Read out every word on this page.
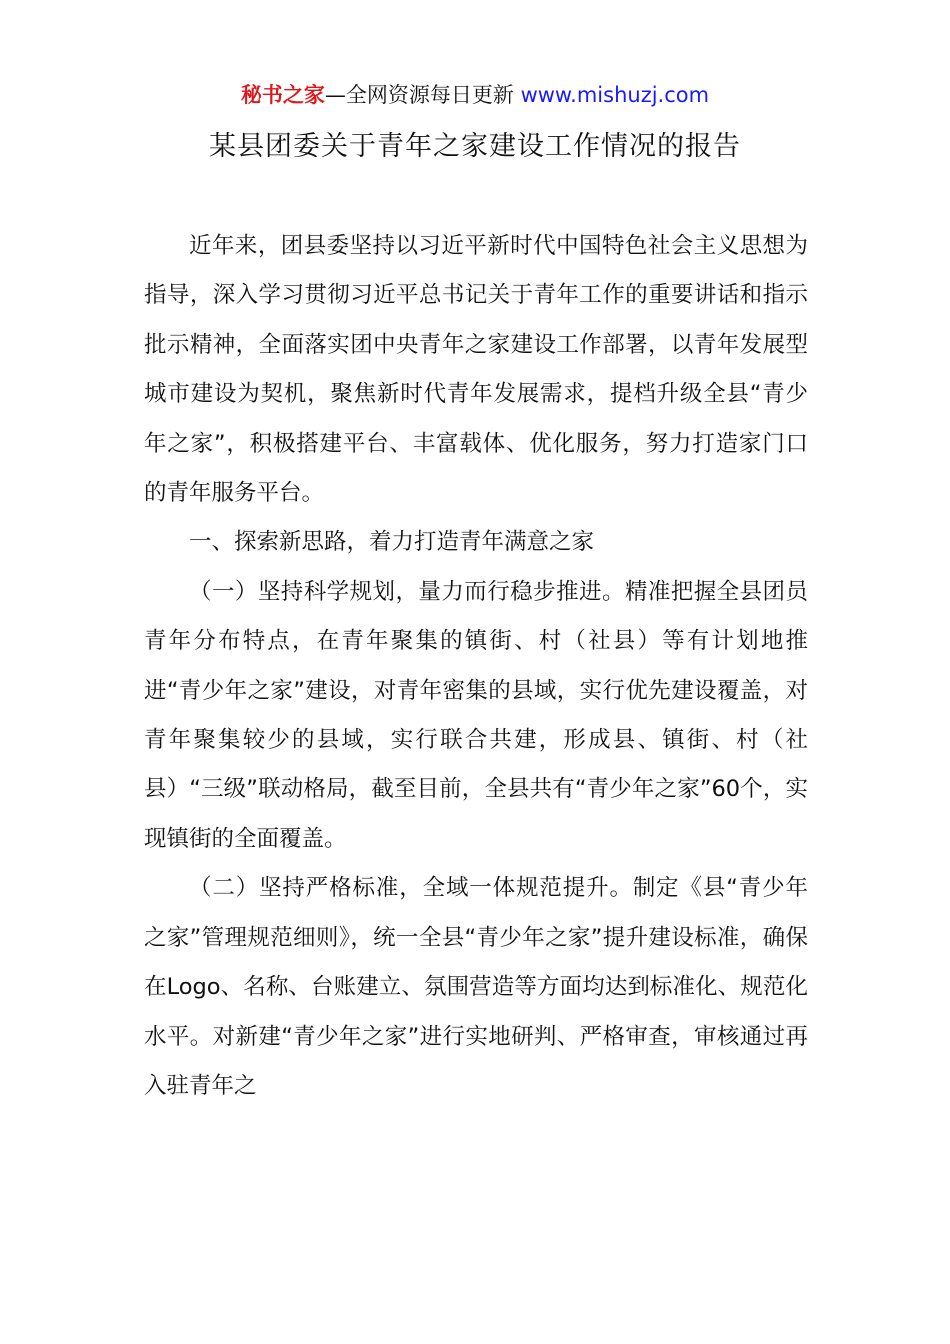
秘书之家—全网资源每日更新 www.mishuzj.com
某县团委关于青年之家建设工作情况的报告

近年来，团县委坚持以习近平新时代中国特色社会主义思想为指导，深入学习贯彻习近平总书记关于青年工作的重要讲话和指示批示精神，全面落实团中央青年之家建设工作部署，以青年发展型城市建设为契机，聚焦新时代青年发展需求，提档升级全县“青少年之家”，积极搭建平台、丰富载体、优化服务，努力打造家门口的青年服务平台。

一、探索新思路，着力打造青年满意之家

（一）坚持科学规划，量力而行稳步推进。精准把握全县团员青年分布特点，在青年聚集的镇街、村（社县）等有计划地推进“青少年之家”建设，对青年密集的县域，实行优先建设覆盖，对青年聚集较少的县域，实行联合共建，形成县、镇街、村（社县）“三级”联动格局，截至目前，全县共有“青少年之家”60个，实现镇街的全面覆盖。

（二）坚持严格标准，全域一体规范提升。制定《县“青少年之家”管理规范细则》，统一全县“青少年之家”提升建设标准，确保在Logo、名称、台账建立、氛围营造等方面均达到标准化、规范化水平。对新建“青少年之家”进行实地研判、严格审查，审核通过再入驻青年之
